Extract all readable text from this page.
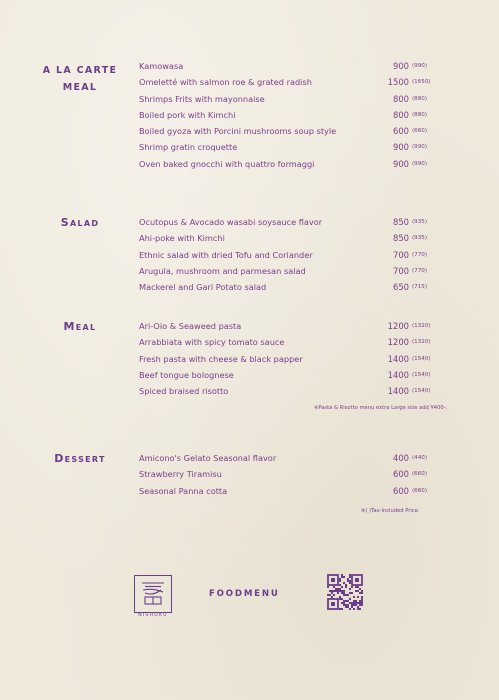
A LA CARTE
MEAL
Kamowasa	900 (990)
Omeletté with salmon roe & grated radish	1500 (1650)
Shrimps Frits with mayonnaise	800 (880)
Boiled pork with Kimchi	800 (880)
Boiled gyoza with Porcini mushrooms soup style	600 (660)
Shrimp gratin croquette	900 (990)
Oven baked gnocchi with quattro formaggi	900 (990)
Salad	Ocutopus & Avocado wasabi soysauce flavor	850 (935)
Ahi-poke with Kimchi	850 (935)
Ethnic salad with dried Tofu and Coriander	700 (770)
Arugula, mushroom and parmesan salad	700 (770)
Mackerel and Gari Potato salad	650 (715)
Meal	Ari-Oio & Seaweed pasta	1200 (1320)
Arrabbiata with spicy tomato sauce	1200 (1320)
Fresh pasta with cheese & black papper	1400 (1540)
Beef tongue bolognese	1400 (1540)
Spiced braised risotto	1400 (1540)
※Pasta & Risotto menu extra Large size add ¥400-.
Dessert	Amicono's Gelato Seasonal flavor	400 (440)
Strawberry Tiramisu	600 (660)
Seasonal Panna cotta	600 (660)
※( )Tax-included Price.
NISHOKU
FOODMENU
